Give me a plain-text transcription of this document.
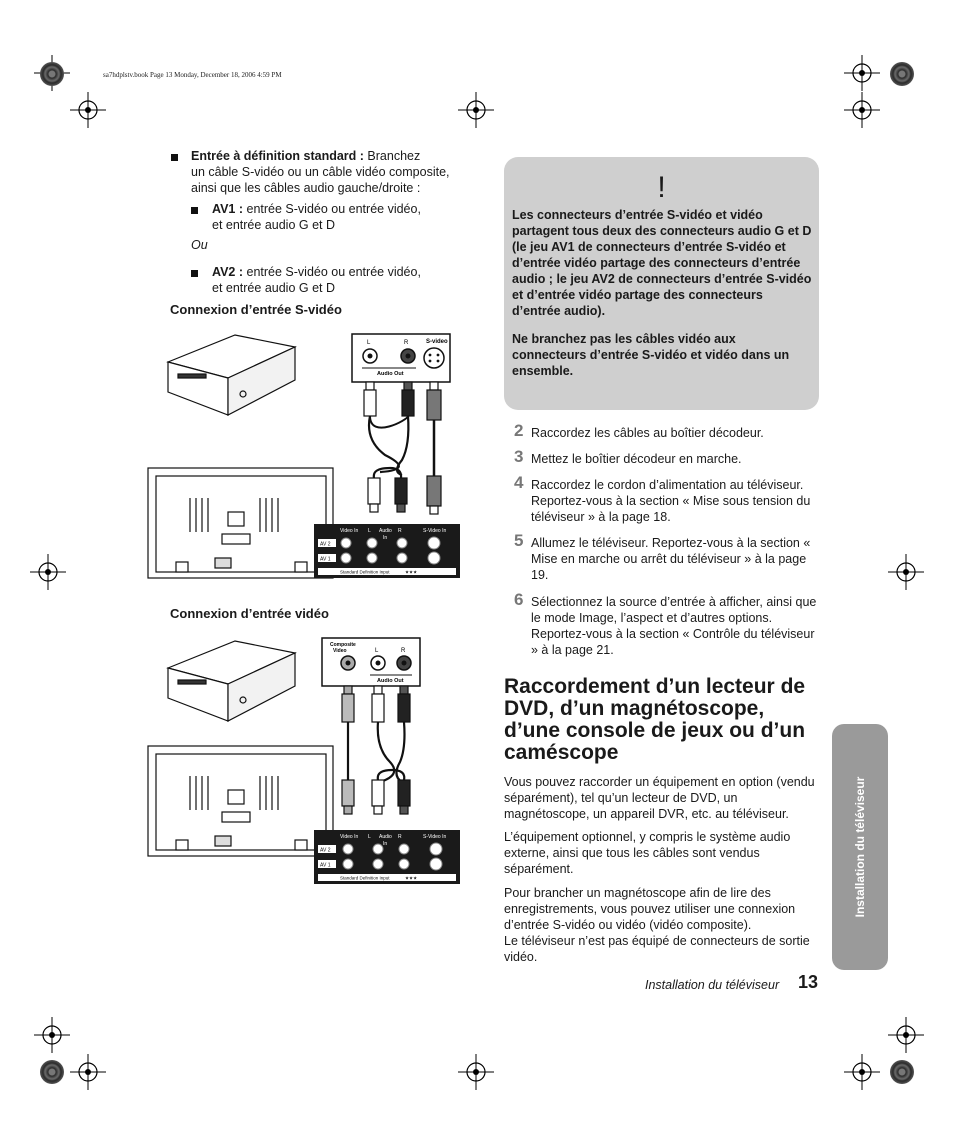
sa7hdplstv.book Page 13 Monday, December 18, 2006 4:59 PM
Entrée à définition standard : Branchez
un câble S-vidéo ou un câble vidéo composite,
ainsi que les câbles audio gauche/droite :
AV1 : entrée S-vidéo ou entrée vidéo,
et entrée audio G et D
Ou
AV2 : entrée S-vidéo ou entrée vidéo,
et entrée audio G et D
Connexion d’entrée S-vidéo
L	R	S-video
Audio Out
Video In L Audio R	S-Video In
In
AV 2
AV 1
Standard Definition Input	★★★
Connexion d’entrée vidéo
Composite
Video	L	R
Audio Out
Video In L Audio R	S-Video In
In
AV 2
AV 1
Standard Definition Input	★★★
!

Les connecteurs d’entrée S-vidéo et vidéo partagent tous deux des connecteurs audio G et D (le jeu AV1 de connecteurs d’entrée S-vidéo et d’entrée vidéo partage des connecteurs d’entrée audio ; le jeu AV2 de connecteurs d’entrée S-vidéo et d’entrée vidéo partage des connecteurs d’entrée audio).

Ne branchez pas les câbles vidéo aux connecteurs d’entrée S-vidéo et vidéo dans un ensemble.

2 Raccordez les câbles au boîtier décodeur.
3 Mettez le boîtier décodeur en marche.
4 Raccordez le cordon d’alimentation au téléviseur. Reportez-vous à la section « Mise sous tension du téléviseur » à la page 18.
5 Allumez le téléviseur. Reportez-vous à la section « Mise en marche ou arrêt du téléviseur » à la page 19.
6 Sélectionnez la source d’entrée à afficher, ainsi que le mode Image, l’aspect et d’autres options. Reportez-vous à la section « Contrôle du téléviseur » à la page 21.
Raccordement d’un lecteur de DVD, d’un magnétoscope, d’une console de jeux ou d’un caméscope
Vous pouvez raccorder un équipement en option (vendu séparément), tel qu’un lecteur de DVD, un magnétoscope, un appareil DVR, etc. au téléviseur.
L’équipement optionnel, y compris le système audio externe, ainsi que tous les câbles sont vendus séparément.
Pour brancher un magnétoscope afin de lire des enregistrements, vous pouvez utiliser une connexion d’entrée S-vidéo ou vidéo (vidéo composite).
Le téléviseur n’est pas équipé de connecteurs de sortie vidéo.
Installation du téléviseur
Installation du téléviseur 13
